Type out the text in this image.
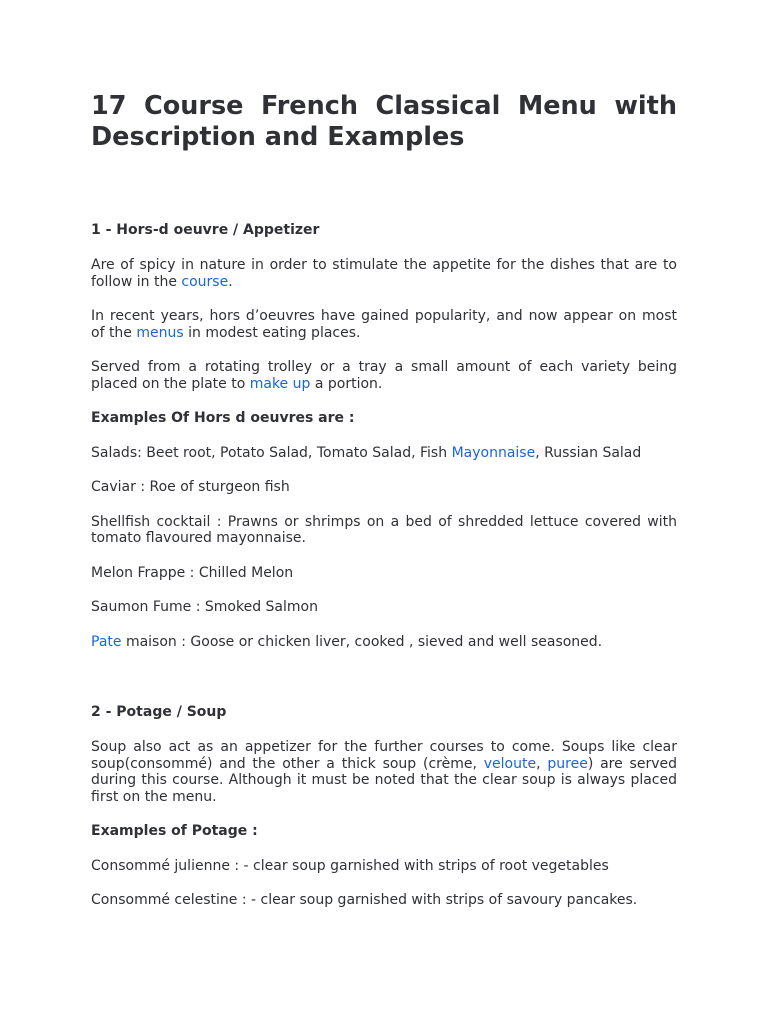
17 Course French Classical Menu with Description and Examples
1 - Hors-d oeuvre / Appetizer

Are of spicy in nature in order to stimulate the appetite for the dishes that are to follow in the course.

In recent years, hors d’oeuvres have gained popularity, and now appear on most of the menus in modest eating places.

Served from a rotating trolley or a tray a small amount of each variety being placed on the plate to make up a portion.

Examples Of Hors d oeuvres are :

Salads: Beet root, Potato Salad, Tomato Salad, Fish Mayonnaise, Russian Salad

Caviar : Roe of sturgeon fish

Shellfish cocktail : Prawns or shrimps on a bed of shredded lettuce covered with tomato flavoured mayonnaise.

Melon Frappe : Chilled Melon

Saumon Fume : Smoked Salmon

Pate maison : Goose or chicken liver, cooked , sieved and well seasoned.

2 - Potage / Soup

Soup also act as an appetizer for the further courses to come. Soups like clear soup(consommé) and the other a thick soup (crème, veloute, puree) are served during this course. Although it must be noted that the clear soup is always placed first on the menu.

Examples of Potage :

Consommé julienne : - clear soup garnished with strips of root vegetables

Consommé celestine : - clear soup garnished with strips of savoury pancakes.
